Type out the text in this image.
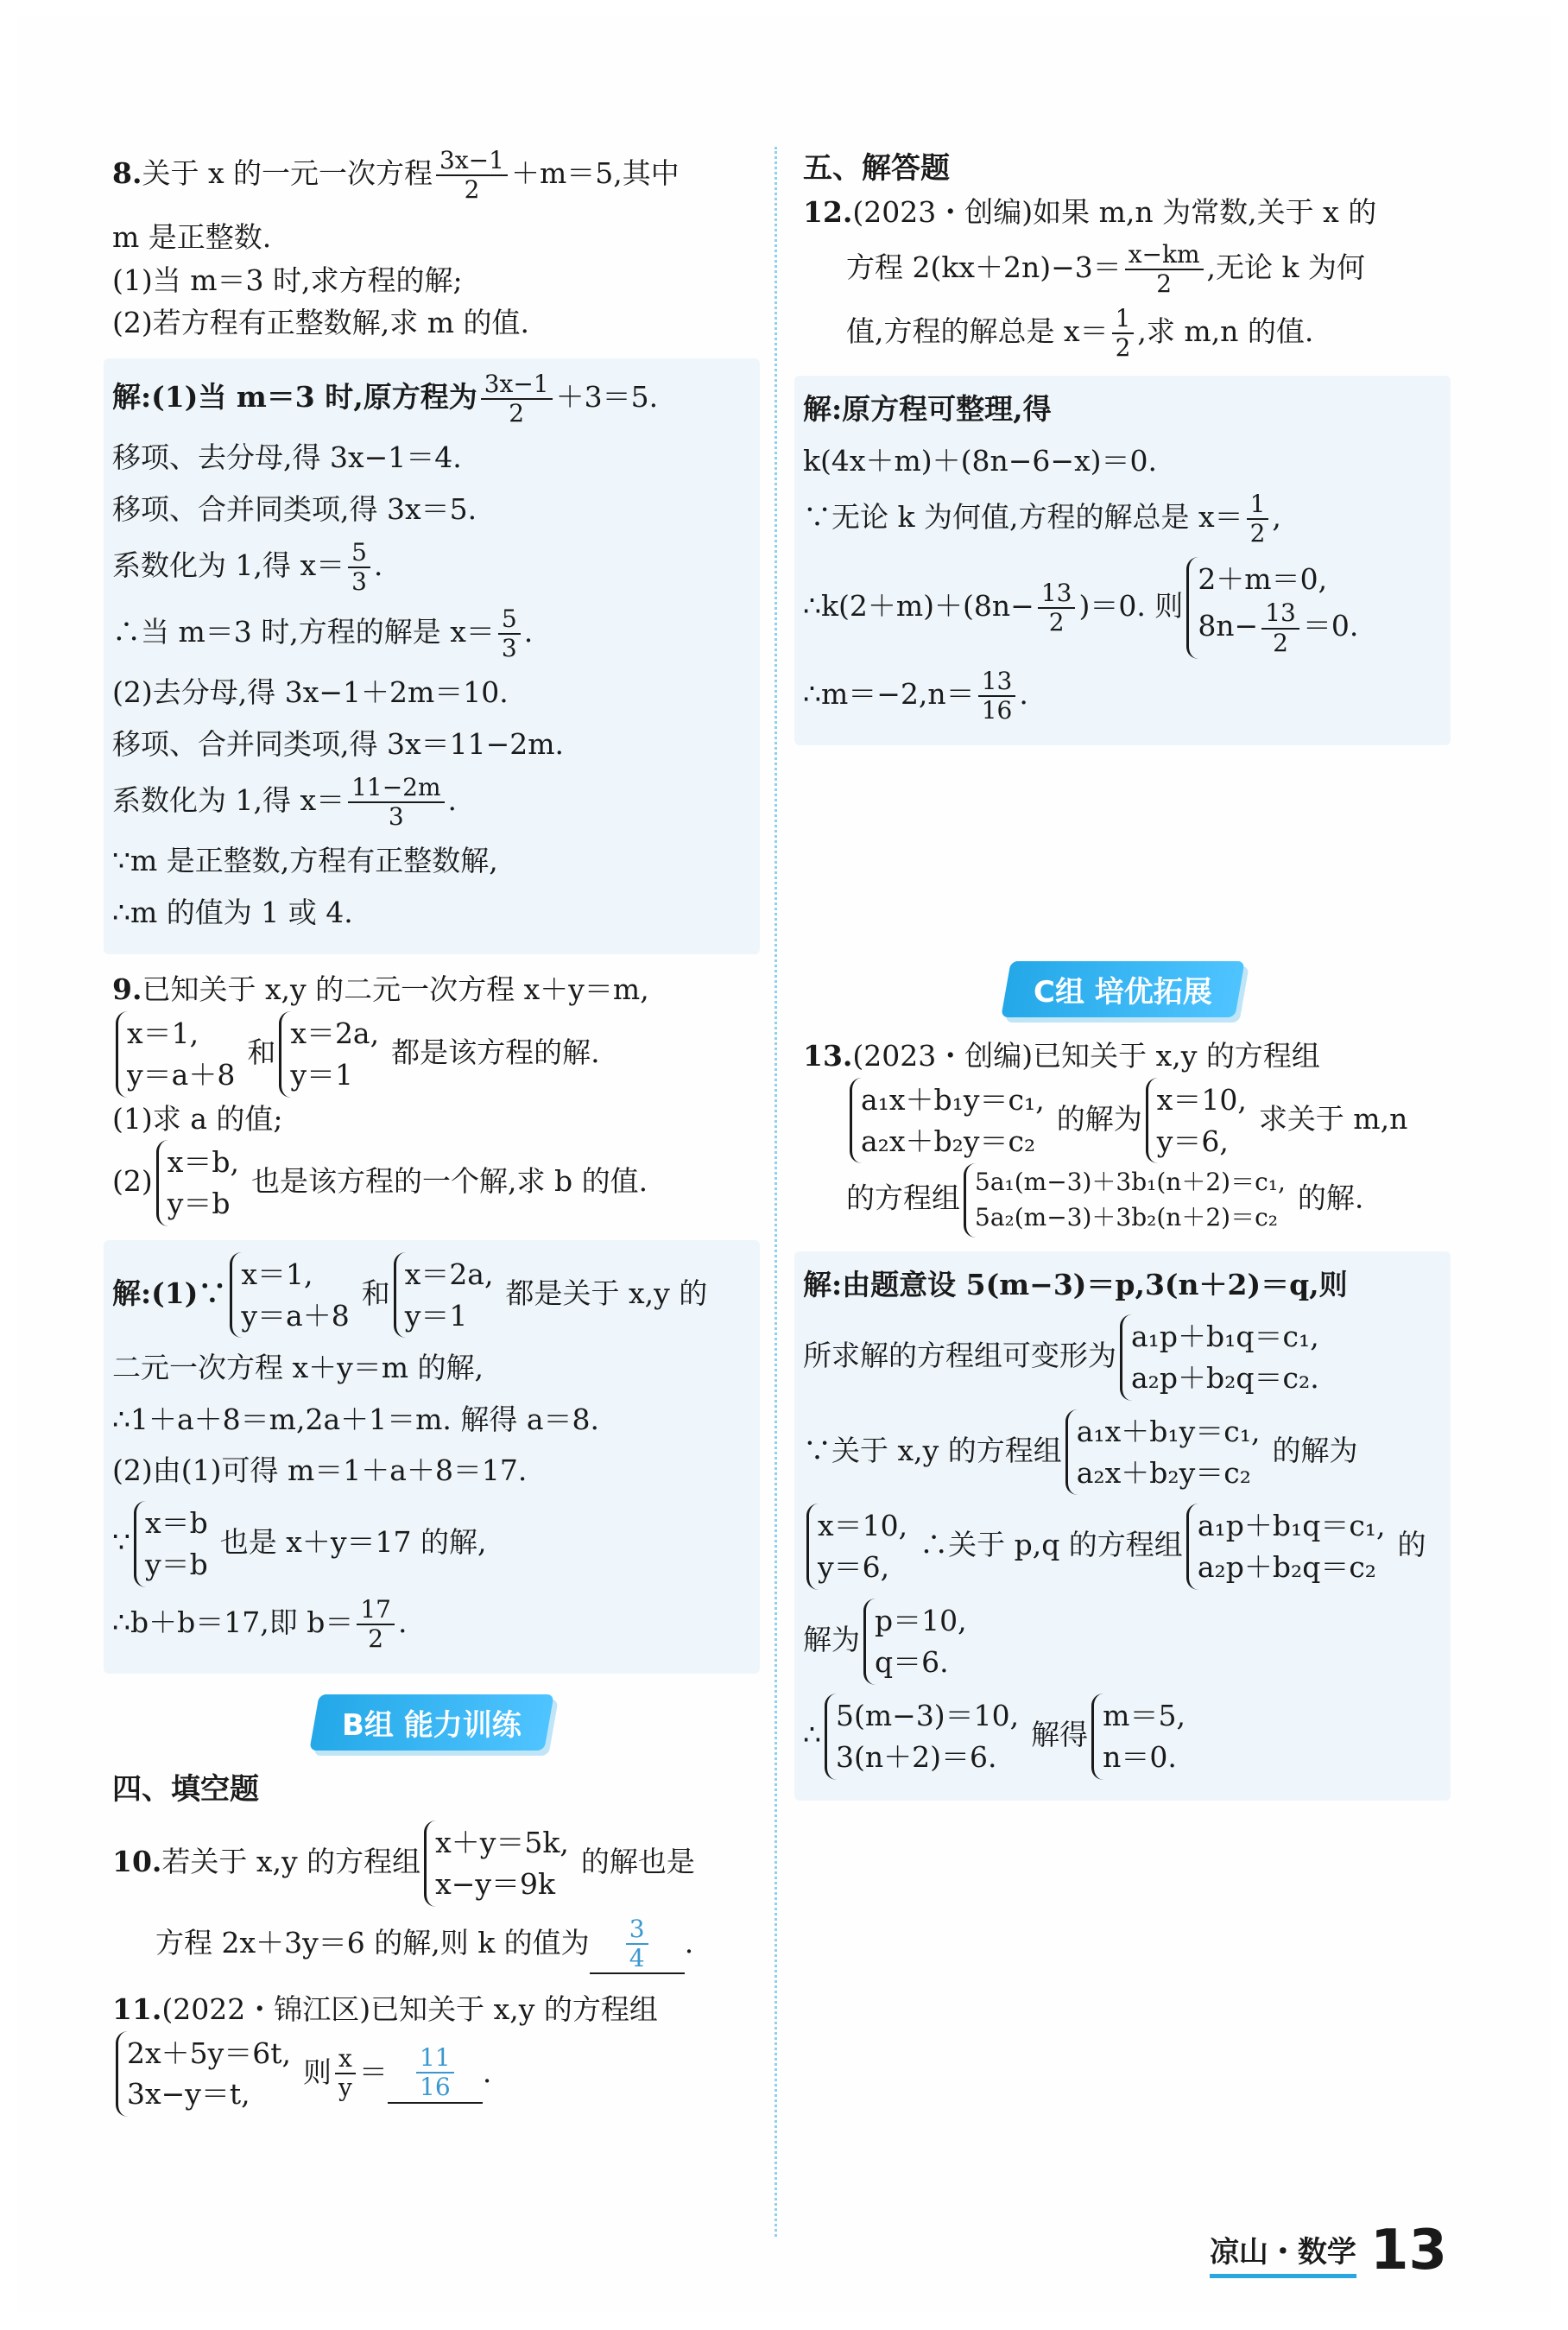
8.关于 x 的一元一次方程 $\frac{3x-1}{2} +m=5$,其中

m 是正整数.

(1)当 m＝3 时,求方程的解;

(2)若方程有正整数解,求 m 的值.

解:(1)当 m＝3 时,原方程为 $\frac{3x-1}{2} +3=5$.

移项、去分母,得 3x−1＝4.

移项、合并同类项,得 3x＝5.

系数化为 1,得 $x= \frac{5}{3}$ .

∴当 m＝3 时,方程的解是 $x= \frac{5}{3}$ .

(2)去分母,得 3x−1＋2m＝10.

移项、合并同类项,得 3x＝11−2m.

系数化为 1,得 $x= \frac{11-2m}{3}$ .

∵m 是正整数,方程有正整数解,

∴m 的值为 1 或 4.

9.已知关于 x,y 的二元一次方程 x＋y＝m,

x＝1,
y＝a＋8
和
x＝2a,
y＝1
都是该方程的解.

(1)求 a 的值;

(2)
x＝b,
y＝b
也是该方程的一个解,求 b 的值.

解:(1)∵
x＝1,
y＝a＋8
和
x＝2a,
y＝1
都是关于 x,y 的

二元一次方程 x＋y＝m 的解,

∴1＋a＋8＝m,2a＋1＝m. 解得 a＝8.

(2)由(1)可得 m＝1＋a＋8＝17.

∵
x＝b
y＝b
也是 x＋y＝17 的解,

∴b＋b＝17,即 $b= \frac{17}{2}$ .

B组 能力训练

四、填空题

10.若关于 x,y 的方程组
x＋y＝5k,
x−y＝9k
的解也是

方程 2x＋3y＝6 的解,则 k 的值为 $\frac{3}{4}$ .

11.(2022・锦江区)已知关于 x,y 的方程组

2x＋5y＝6t,
3x−y＝t,
则 $\frac{x}{y} = \frac{11}{16}$ .

五、解答题

12.(2023・创编)如果 m,n 为常数,关于 x 的

方程 $2(kx+2n)-3= \frac{x-km}{2}$ ,无论 k 为何

值,方程的解总是 $x= \frac{1}{2}$ ,求 m,n 的值.

解:原方程可整理,得

k(4x＋m)＋(8n−6−x)＝0.

∵无论 k 为何值,方程的解总是 $x= \frac{1}{2}$ ,

∴k(2＋m)＋(8n− $\frac{13}{2} )=0$. 则
2＋m＝0,
$8n- \frac{13}{2} =0$.

∴m＝−2,n＝ $\frac{13}{16}$ .

C组 培优拓展

13.(2023・创编)已知关于 x,y 的方程组

a₁x＋b₁y＝c₁,
a₂x＋b₂y＝c₂
的解为
x＝10,
y＝6,
求关于 m,n

的方程组 5a₁(m−3)＋3b₁(n＋2)＝c₁,
5a₂(m−3)＋3b₂(n＋2)＝c₂
的解.

解:由题意设 5(m−3)＝p,3(n＋2)＝q,则

所求解的方程组可变形为
a₁p＋b₁q＝c₁,
a₂p＋b₂q＝c₂.

∵关于 x,y 的方程组
a₁x＋b₁y＝c₁,
a₂x＋b₂y＝c₂
的解为

x＝10,
y＝6,
∴关于 p,q 的方程组
a₁p＋b₁q＝c₁,
a₂p＋b₂q＝c₂
的

解为
p＝10,
q＝6.

∴
5(m−3)＝10,
3(n＋2)＝6.
解得
m＝5,
n＝0.

凉山・数学 13
